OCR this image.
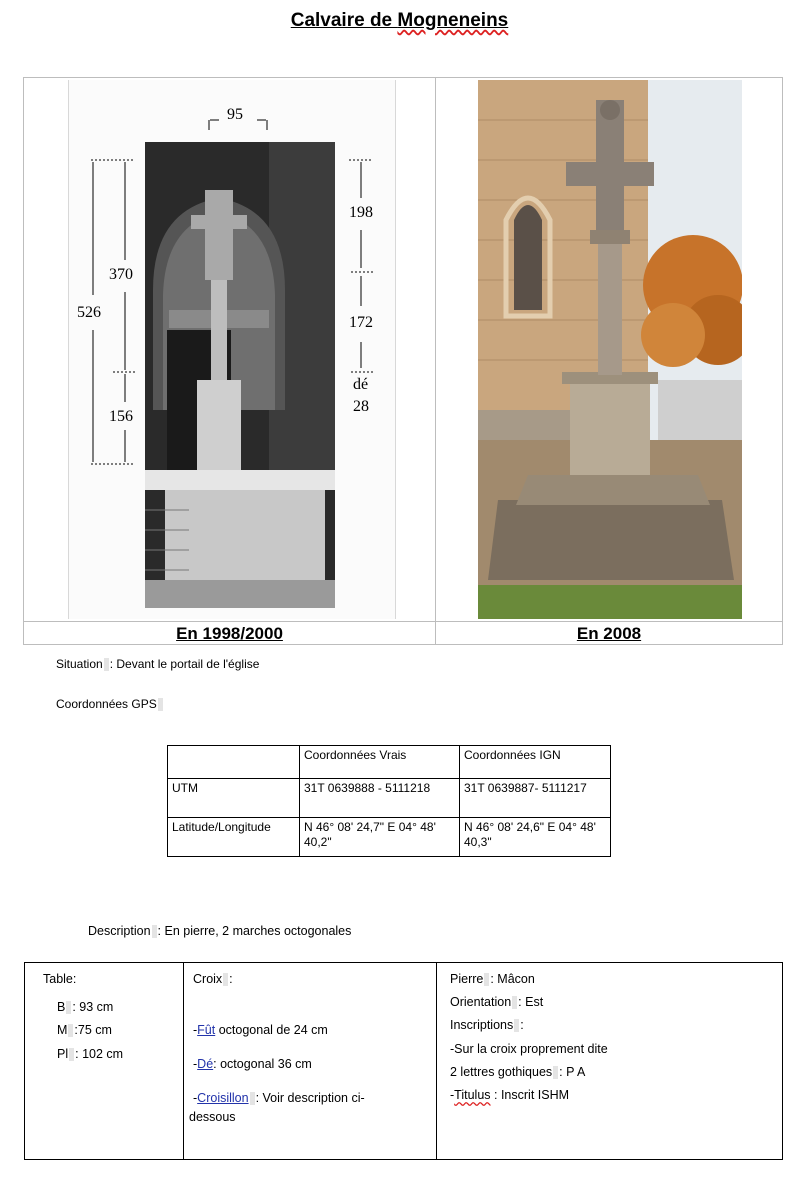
Calvaire de Mogneneins
95
370
526
156
198
172
dé
28
En 1998/2000	En 2008
Situation : Devant le portail de l'église
Coordonnées GPS
	Coordonnées Vrais	Coordonnées IGN
UTM	31T 0639888 - 5111218	31T 0639887- 5111217
Latitude/Longitude	N 46° 08' 24,7" E 04° 48' 40,2"	N 46° 08' 24,6" E 04° 48' 40,3"
Description : En pierre, 2 marches octogonales
Table:
B : 93 cm
M :75 cm
Pl : 102 cm
Croix :
-Fût octogonal de 24 cm
-Dé: octogonal 36 cm
-Croisillon : Voir description ci-
dessous
Pierre : Mâcon
Orientation : Est
Inscriptions :
-Sur la croix proprement dite
2 lettres gothiques : P A
-Titulus : Inscrit ISHM
